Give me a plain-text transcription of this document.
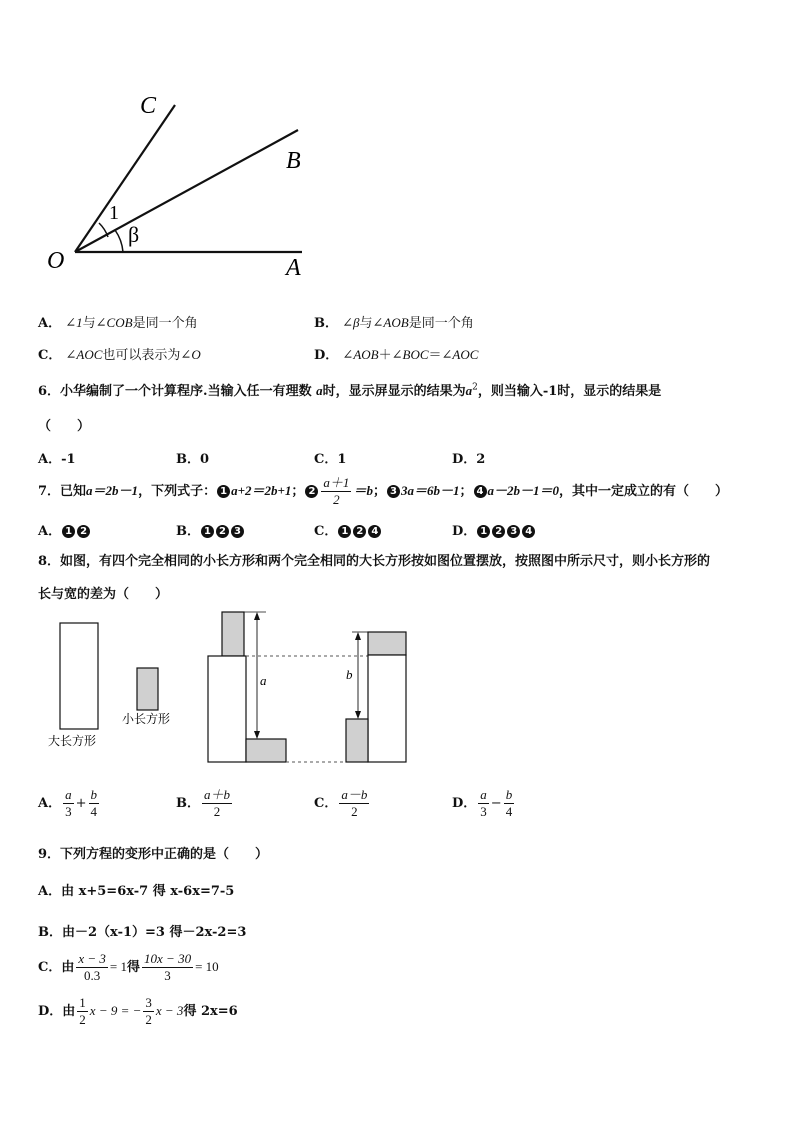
C
B
O	A
1
β
A． ∠1与∠COB是同一个角	B． ∠β与∠AOB是同一个角
C． ∠AOC也可以表示为∠O	D． ∠AOB＋∠BOC＝∠AOC
6．小华编制了一个计算程序.当输入任一有理数 a时，显示屏显示的结果为$a^2$，则当输入-1时，显示的结果是
（　　）
A．-1	B．0	C．1	D．2
7．已知a＝2b－1，下列式子： 1 a+2＝2b+1； $2 \frac{a+1}{2} =b$； 3 3a＝6b－1； 4 a－2b－1＝0，其中一定成立的有（　　）
A． 1 2	B． 1 2 3	C． 1 2 4	D． 1 2 3 4
8．如图，有四个完全相同的小长方形和两个完全相同的大长方形按如图位置摆放，按照图中所示尺寸，则小长方形的
长与宽的差为（　　）
大长方形
小长方形
a	b
A． $\frac{a}{3} + \frac{b}{4}$	B． $\frac{a+b}{2}$	C． $\frac{a-b}{2}$	D． $\frac{a}{3} - \frac{b}{4}$
9．下列方程的变形中正确的是（　　）
A．由 x+5=6x-7 得 x-6x=7-5
B．由－2（x-1）=3 得－2x-2=3
C．由 $\frac{x - 3}{0.3} = 1$得 $\frac{10x - 30}{3} = 10$
D．由 $\frac{1}{2}$ x − 9 = − $\frac{3}{2}$ x − 3得 2x=6
